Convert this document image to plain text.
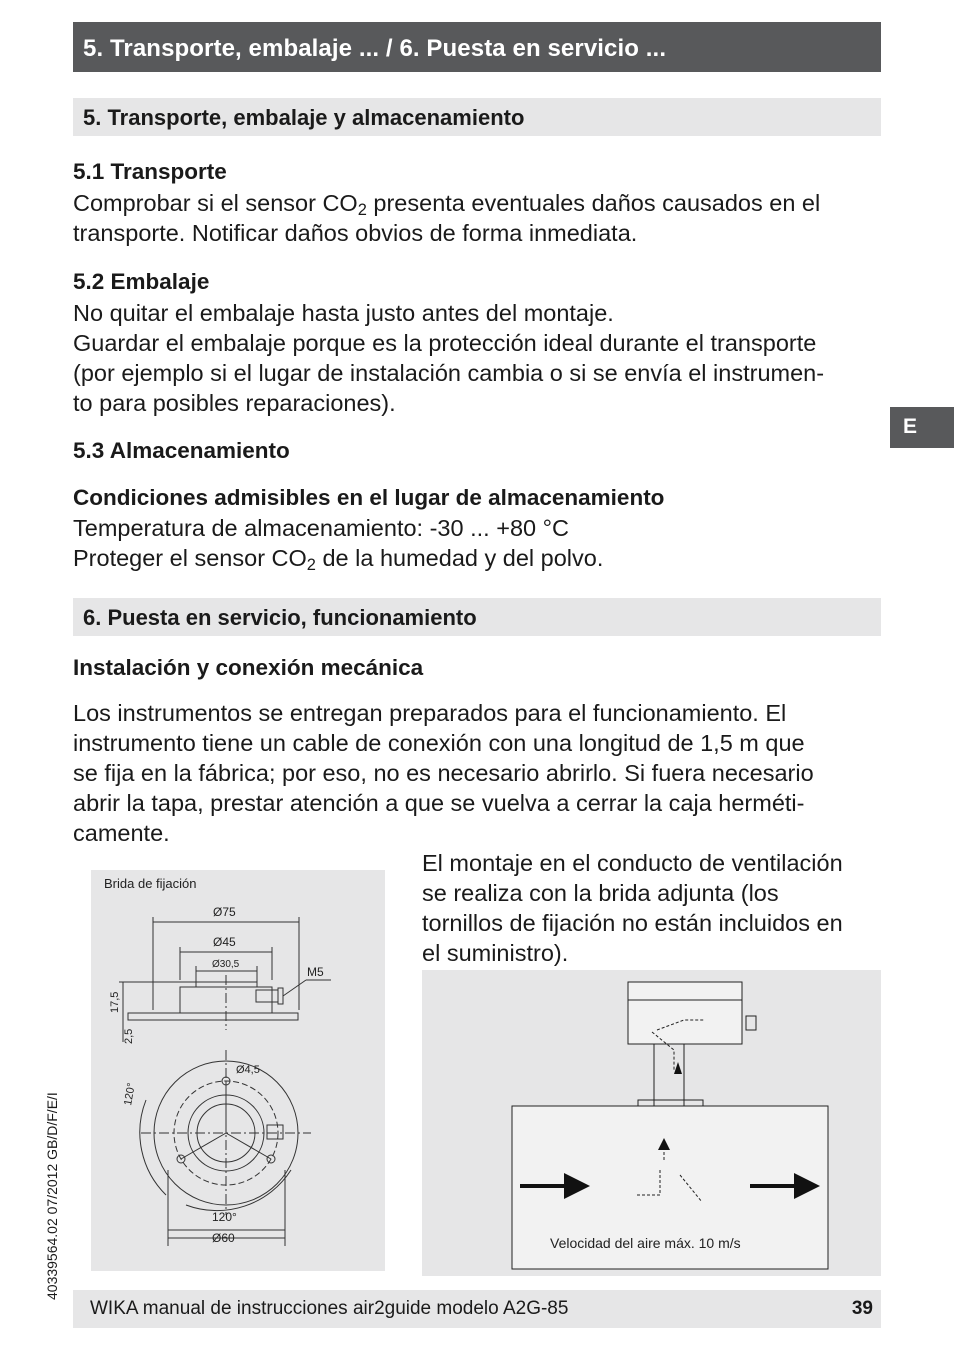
5. Transporte, embalaje ... / 6. Puesta en servicio ...
5. Transporte, embalaje y almacenamiento
5.1 Transporte
Comprobar si el sensor $CO_2$ presenta eventuales daños causados en el
transporte. Notificar daños obvios de forma inmediata.
5.2 Embalaje
No quitar el embalaje hasta justo antes del montaje.
Guardar el embalaje porque es la protección ideal durante el transporte
(por ejemplo si el lugar de instalación cambia o si se envía el instrumen-
to para posibles reparaciones).
5.3 Almacenamiento
Condiciones admisibles en el lugar de almacenamiento
Temperatura de almacenamiento: -30 ... +80 °C
Proteger el sensor $CO_2$ de la humedad y del polvo.
E
6. Puesta en servicio, funcionamiento
Instalación y conexión mecánica
Los instrumentos se entregan preparados para el funcionamiento. El
instrumento tiene un cable de conexión con una longitud de 1,5 m que
se fija en la fábrica; por eso, no es necesario abrirlo. Si fuera necesario
abrir la tapa, prestar atención a que se vuelva a cerrar la caja herméti-
camente.
El montaje en el conducto de ventilación
se realiza con la brida adjunta (los
tornillos de fijación no están incluidos en
el suministro).
40339564.02 07/2012 GB/D/F/E/I
Brida de fijación
Ø75
Ø45
Ø30,5
M5
17,5
2,5
Ø4,5
120°
120°
Ø60	Velocidad del aire máx. 10 m/s
WIKA manual de instrucciones air2guide modelo A2G-85	39
